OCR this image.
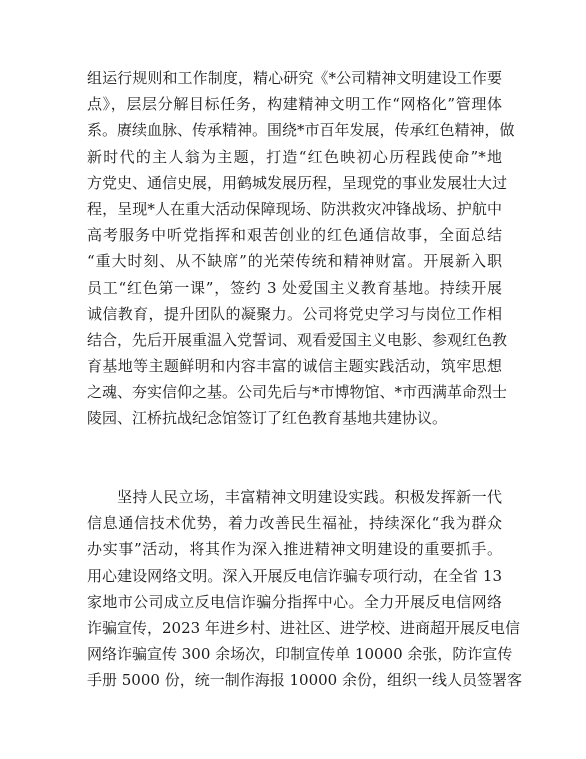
组运行规则和工作制度，精心研究《*公司精神文明建设工作要
点》，层层分解目标任务，构建精神文明工作“网格化”管理体
系。赓续血脉、传承精神。围绕*市百年发展，传承红色精神，做
新时代的主人翁为主题，打造“红色映初心历程践使命”*地
方党史、通信史展，用鹤城发展历程，呈现党的事业发展壮大过
程，呈现*人在重大活动保障现场、防洪救灾冲锋战场、护航中
高考服务中听党指挥和艰苦创业的红色通信故事，全面总结
“重大时刻、从不缺席”的光荣传统和精神财富。开展新入职
员工“红色第一课”，签约 3 处爱国主义教育基地。持续开展
诚信教育，提升团队的凝聚力。公司将党史学习与岗位工作相
结合，先后开展重温入党誓词、观看爱国主义电影、参观红色教
育基地等主题鲜明和内容丰富的诚信主题实践活动，筑牢思想
之魂、夯实信仰之基。公司先后与*市博物馆、*市西满革命烈士
陵园、江桥抗战纪念馆签订了红色教育基地共建协议。
坚持人民立场，丰富精神文明建设实践。积极发挥新一代
信息通信技术优势，着力改善民生福祉，持续深化“我为群众
办实事”活动，将其作为深入推进精神文明建设的重要抓手。
用心建设网络文明。深入开展反电信诈骗专项行动，在全省 13
家地市公司成立反电信诈骗分指挥中心。全力开展反电信网络
诈骗宣传，2023 年进乡村、进社区、进学校、进商超开展反电信
网络诈骗宣传 300 余场次，印制宣传单 10000 余张，防诈宣传
手册 5000 份，统一制作海报 10000 余份，组织一线人员签署客
